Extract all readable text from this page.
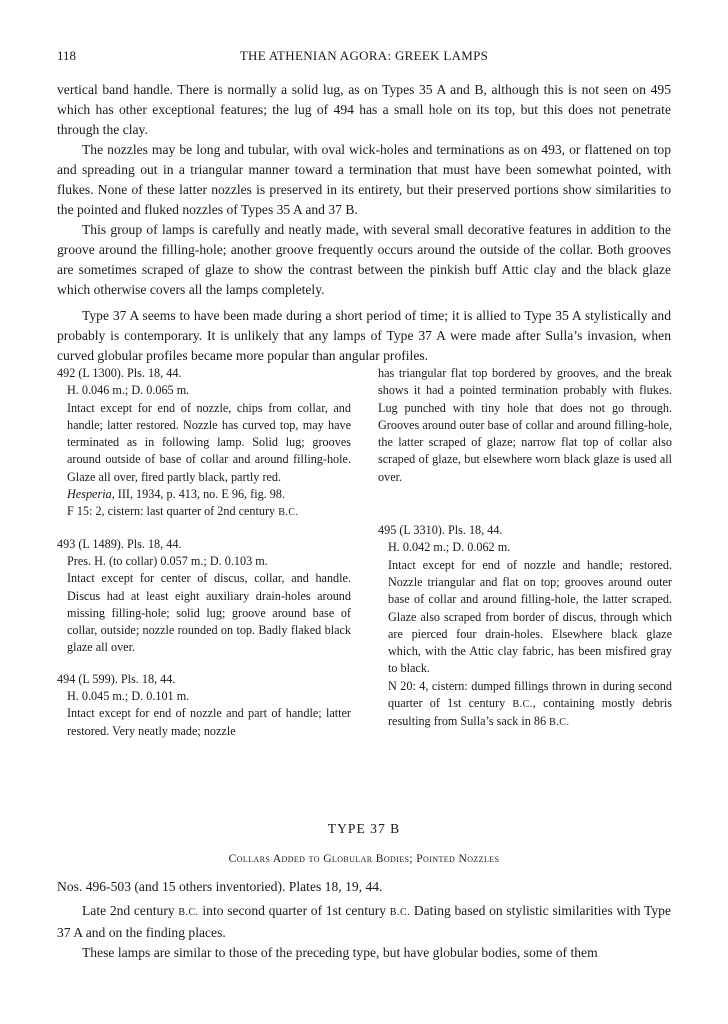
118	THE ATHENIAN AGORA: GREEK LAMPS

vertical band handle. There is normally a solid lug, as on Types 35 A and B, although this is not seen on 495 which has other exceptional features; the lug of 494 has a small hole on its top, but this does not penetrate through the clay.

The nozzles may be long and tubular, with oval wick-holes and terminations as on 493, or flattened on top and spreading out in a triangular manner toward a termination that must have been somewhat pointed, with flukes. None of these latter nozzles is preserved in its entirety, but their preserved portions show similarities to the pointed and fluked nozzles of Types 35 A and 37 B.

This group of lamps is carefully and neatly made, with several small decorative features in addition to the groove around the filling-hole; another groove frequently occurs around the outside of the collar. Both grooves are sometimes scraped of glaze to show the contrast between the pinkish buff Attic clay and the black glaze which otherwise covers all the lamps completely.

Type 37 A seems to have been made during a short period of time; it is allied to Type 35 A stylistically and probably is contemporary. It is unlikely that any lamps of Type 37 A were made after Sulla’s invasion, when curved globular profiles became more popular than angular profiles.

492 (L 1300). Pls. 18, 44.

H. 0.046 m.; D. 0.065 m.

Intact except for end of nozzle, chips from collar, and handle; latter restored. Nozzle has curved top, may have terminated as in following lamp. Solid lug; grooves around outside of base of collar and around filling-hole. Glaze all over, fired partly black, partly red.

Hesperia, III, 1934, p. 413, no. E 96, fig. 98.

F 15: 2, cistern: last quarter of 2nd century B.C.

493 (L 1489). Pls. 18, 44.

Pres. H. (to collar) 0.057 m.; D. 0.103 m.

Intact except for center of discus, collar, and handle. Discus had at least eight auxiliary drain-holes around missing filling-hole; solid lug; groove around base of collar, outside; nozzle rounded on top. Badly flaked black glaze all over.

494 (L 599). Pls. 18, 44.

H. 0.045 m.; D. 0.101 m.

Intact except for end of nozzle and part of handle; latter restored. Very neatly made; nozzle

has triangular flat top bordered by grooves, and the break shows it had a pointed termination probably with flukes. Lug punched with tiny hole that does not go through. Grooves around outer base of collar and around filling-hole, the latter scraped of glaze; narrow flat top of collar also scraped of glaze, but elsewhere worn black glaze is used all over.

495 (L 3310). Pls. 18, 44.

H. 0.042 m.; D. 0.062 m.

Intact except for end of nozzle and handle; restored. Nozzle triangular and flat on top; grooves around outer base of collar and around filling-hole, the latter scraped. Glaze also scraped from border of discus, through which are pierced four drain-holes. Elsewhere black glaze which, with the Attic clay fabric, has been misfired gray to black.

N 20: 4, cistern: dumped fillings thrown in during second quarter of 1st century B.C., containing mostly debris resulting from Sulla’s sack in 86 B.C.

TYPE 37 B
Collars Added to Globular Bodies; Pointed Nozzles
Nos. 496-503 (and 15 others inventoried). Plates 18, 19, 44.

Late 2nd century B.C. into second quarter of 1st century B.C. Dating based on stylistic similarities with Type 37 A and on the finding places.

These lamps are similar to those of the preceding type, but have globular bodies, some of them
